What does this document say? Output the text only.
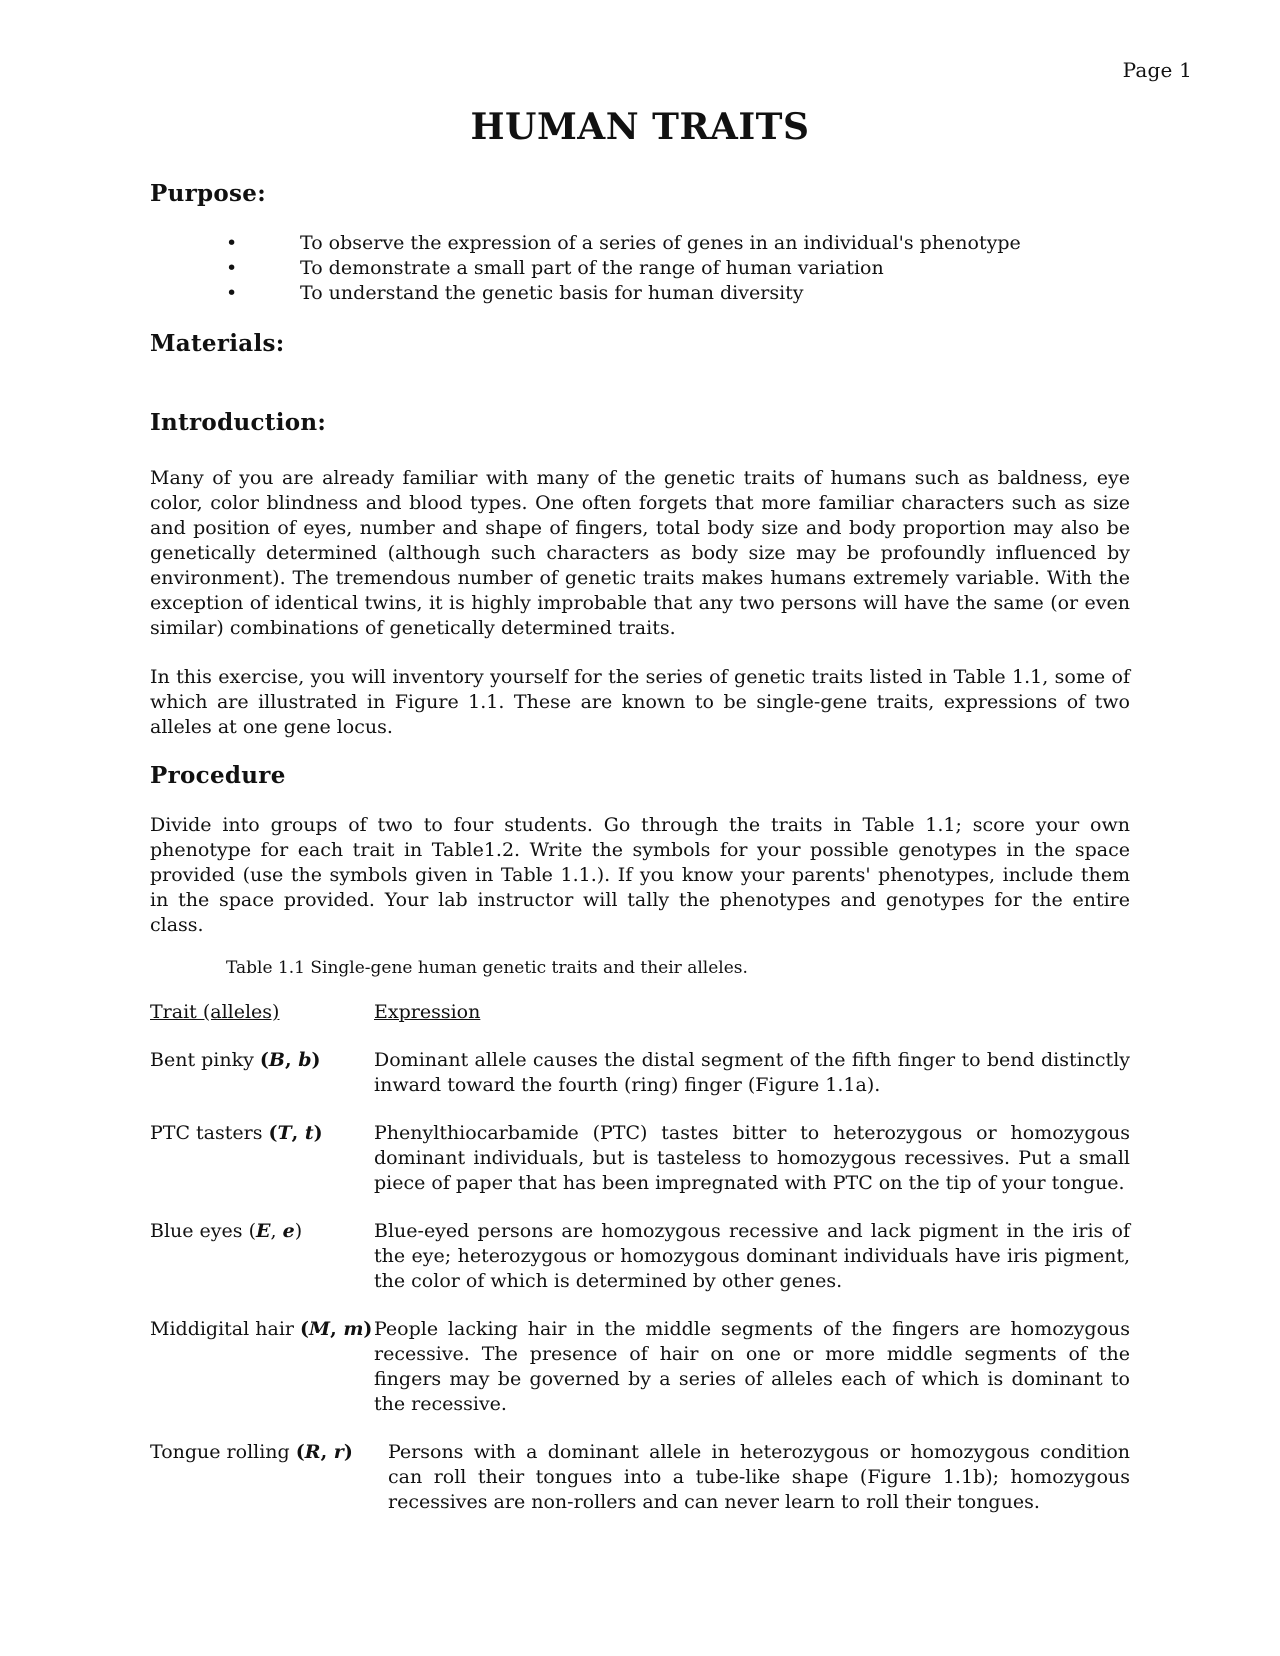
Page 1
HUMAN TRAITS
Purpose:
•	To observe the expression of a series of genes in an individual's phenotype
•	To demonstrate a small part of the range of human variation
•	To understand the genetic basis for human diversity
Materials:
Introduction:

Many of you are already familiar with many of the genetic traits of humans such as baldness, eye color, color blindness and blood types. One often forgets that more familiar characters such as size and position of eyes, number and shape of fingers, total body size and body proportion may also be genetically determined (although such characters as body size may be profoundly influenced by environment). The tremendous number of genetic traits makes humans extremely variable. With the exception of identical twins, it is highly improbable that any two persons will have the same (or even similar) combinations of genetically determined traits.

In this exercise, you will inventory yourself for the series of genetic traits listed in Table 1.1, some of which are illustrated in Figure 1.1. These are known to be single-gene traits, expressions of two alleles at one gene locus.

Procedure

Divide into groups of two to four students. Go through the traits in Table 1.1; score your own phenotype for each trait in Table1.2. Write the symbols for your possible genotypes in the space provided (use the symbols given in Table 1.1.). If you know your parents' phenotypes, include them in the space provided. Your lab instructor will tally the phenotypes and genotypes for the entire class.

Table 1.1 Single-gene human genetic traits and their alleles.

Trait (alleles)	Expression

Bent pinky (B, b)	Dominant allele causes the distal segment of the fifth finger to bend distinctly inward toward the fourth (ring) finger (Figure 1.1a).

PTC tasters (T, t)	Phenylthiocarbamide (PTC) tastes bitter to heterozygous or homozygous dominant individuals, but is tasteless to homozygous recessives. Put a small piece of paper that has been impregnated with PTC on the tip of your tongue.

Blue eyes (E, e)	Blue-eyed persons are homozygous recessive and lack pigment in the iris of the eye; heterozygous or homozygous dominant individuals have iris pigment, the color of which is determined by other genes.

Middigital hair (M, m)	People lacking hair in the middle segments of the fingers are homozygous recessive. The presence of hair on one or more middle segments of the fingers may be governed by a series of alleles each of which is dominant to the recessive.

Tongue rolling (R, r)	Persons with a dominant allele in heterozygous or homozygous condition can roll their tongues into a tube-like shape (Figure 1.1b); homozygous recessives are non-rollers and can never learn to roll their tongues.
